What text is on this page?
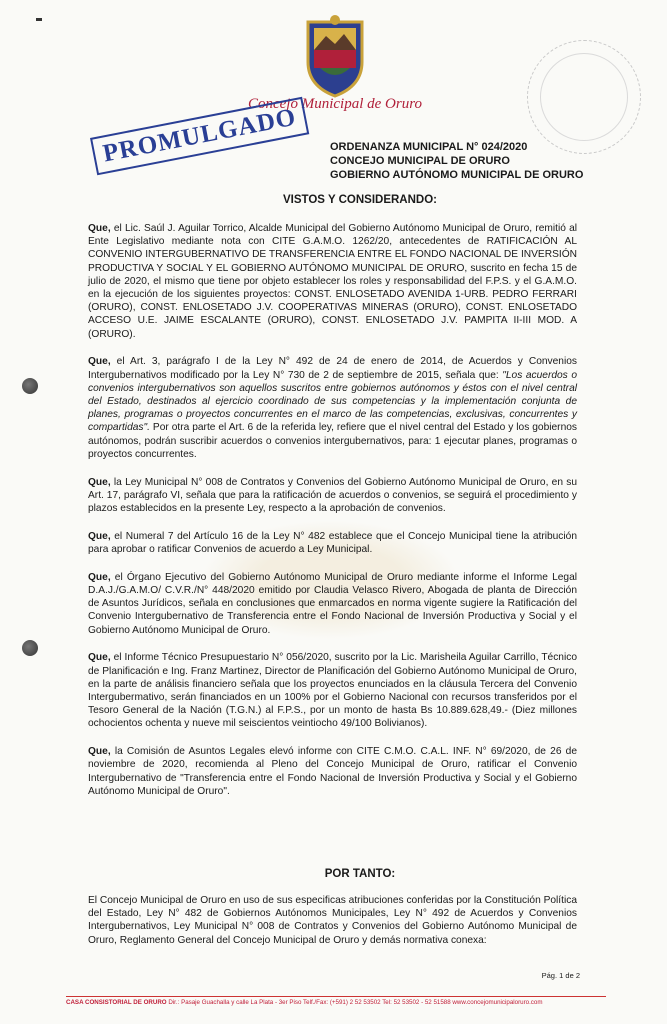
Concejo Municipal de Oruro
PROMULGADO	ORDENANZA MUNICIPAL N° 024/2020
CONCEJO MUNICIPAL DE ORURO
GOBIERNO AUTÓNOMO MUNICIPAL DE ORURO
VISTOS Y CONSIDERANDO:

Que, el Lic. Saúl J. Aguilar Torrico, Alcalde Municipal del Gobierno Autónomo Municipal de Oruro, remitió al Ente Legislativo mediante nota con CITE G.A.M.O. 1262/20, antecedentes de RATIFICACIÓN AL CONVENIO INTERGUBERNATIVO DE TRANSFERENCIA ENTRE EL FONDO NACIONAL DE INVERSIÓN PRODUCTIVA Y SOCIAL Y EL GOBIERNO AUTÓNOMO MUNICIPAL DE ORURO, suscrito en fecha 15 de julio de 2020, el mismo que tiene por objeto establecer los roles y responsabilidad del F.P.S. y el G.A.M.O. en la ejecución de los siguientes proyectos: CONST. ENLOSETADO AVENIDA 1-URB. PEDRO FERRARI (ORURO), CONST. ENLOSETADO J.V. COOPERATIVAS MINERAS (ORURO), CONST. ENLOSETADO ACCESO U.E. JAIME ESCALANTE (ORURO), CONST. ENLOSETADO J.V. PAMPITA II-III MOD. A (ORURO).

Que, el Art. 3, parágrafo I de la Ley N° 492 de 24 de enero de 2014, de Acuerdos y Convenios Intergubernativos modificado por la Ley N° 730 de 2 de septiembre de 2015, señala que: "Los acuerdos o convenios intergubernativos son aquellos suscritos entre gobiernos autónomos y éstos con el nivel central del Estado, destinados al ejercicio coordinado de sus competencias y la implementación conjunta de planes, programas o proyectos concurrentes en el marco de las competencias, exclusivas, concurrentes y compartidas". Por otra parte el Art. 6 de la referida ley, refiere que el nivel central del Estado y los gobiernos autónomos, podrán suscribir acuerdos o convenios intergubernativos, para: 1 ejecutar planes, programas o proyectos concurrentes.

Que, la Ley Municipal N° 008 de Contratos y Convenios del Gobierno Autónomo Municipal de Oruro, en su Art. 17, parágrafo VI, señala que para la ratificación de acuerdos o convenios, se seguirá el procedimiento y plazos establecidos en la presente Ley, respecto a la aprobación de convenios.

Que, el Numeral 7 del Artículo 16 de la Ley N° 482 establece que el Concejo Municipal tiene la atribución para aprobar o ratificar Convenios de acuerdo a Ley Municipal.

Que, el Órgano Ejecutivo del Gobierno Autónomo Municipal de Oruro mediante informe el Informe Legal D.A.J./G.A.M.O/ C.V.R./N° 448/2020 emitido por Claudia Velasco Rivero, Abogada de planta de Dirección de Asuntos Jurídicos, señala en conclusiones que enmarcados en norma vigente sugiere la Ratificación del Convenio Intergubernativo de Transferencia entre el Fondo Nacional de Inversión Productiva y Social y el Gobierno Autónomo Municipal de Oruro.

Que, el Informe Técnico Presupuestario N° 056/2020, suscrito por la Lic. Marisheila Aguilar Carrillo, Técnico de Planificación e Ing. Franz Martinez, Director de Planificación del Gobierno Autónomo Municipal de Oruro, en la parte de análisis financiero señala que los proyectos enunciados en la cláusula Tercera del Convenio Intergubermativo, serán financiados en un 100% por el Gobierno Nacional con recursos transferidos por el Tesoro General de la Nación (T.G.N.) al F.P.S., por un monto de hasta Bs 10.889.628,49.- (Diez millones ochocientos ochenta y nueve mil seiscientos veintiocho 49/100 Bolivianos).

Que, la Comisión de Asuntos Legales elevó informe con CITE C.M.O. C.A.L. INF. N° 69/2020, de 26 de noviembre de 2020, recomienda al Pleno del Concejo Municipal de Oruro, ratificar el Convenio Intergubernativo de "Transferencia entre el Fondo Nacional de Inversión Productiva y Social y el Gobierno Autónomo Municipal de Oruro".

POR TANTO:
El Concejo Municipal de Oruro en uso de sus especificas atribuciones conferidas por la Constitución Política del Estado, Ley N° 482 de Gobiernos Autónomos Municipales, Ley N° 492 de Acuerdos y Convenios Intergubernativos, Ley Municipal N° 008 de Contratos y Convenios del Gobierno Autónomo Municipal de Oruro, Reglamento General del Concejo Municipal de Oruro y demás normativa conexa:
Pág. 1 de 2
CASA CONSISTORIAL DE ORURO Dir.: Pasaje Guachalla y calle La Plata - 3er Piso Telf./Fax: (+591) 2 52 53502 Tel: 52 53502 - 52 51588 www.concejomunicipaloruro.com
